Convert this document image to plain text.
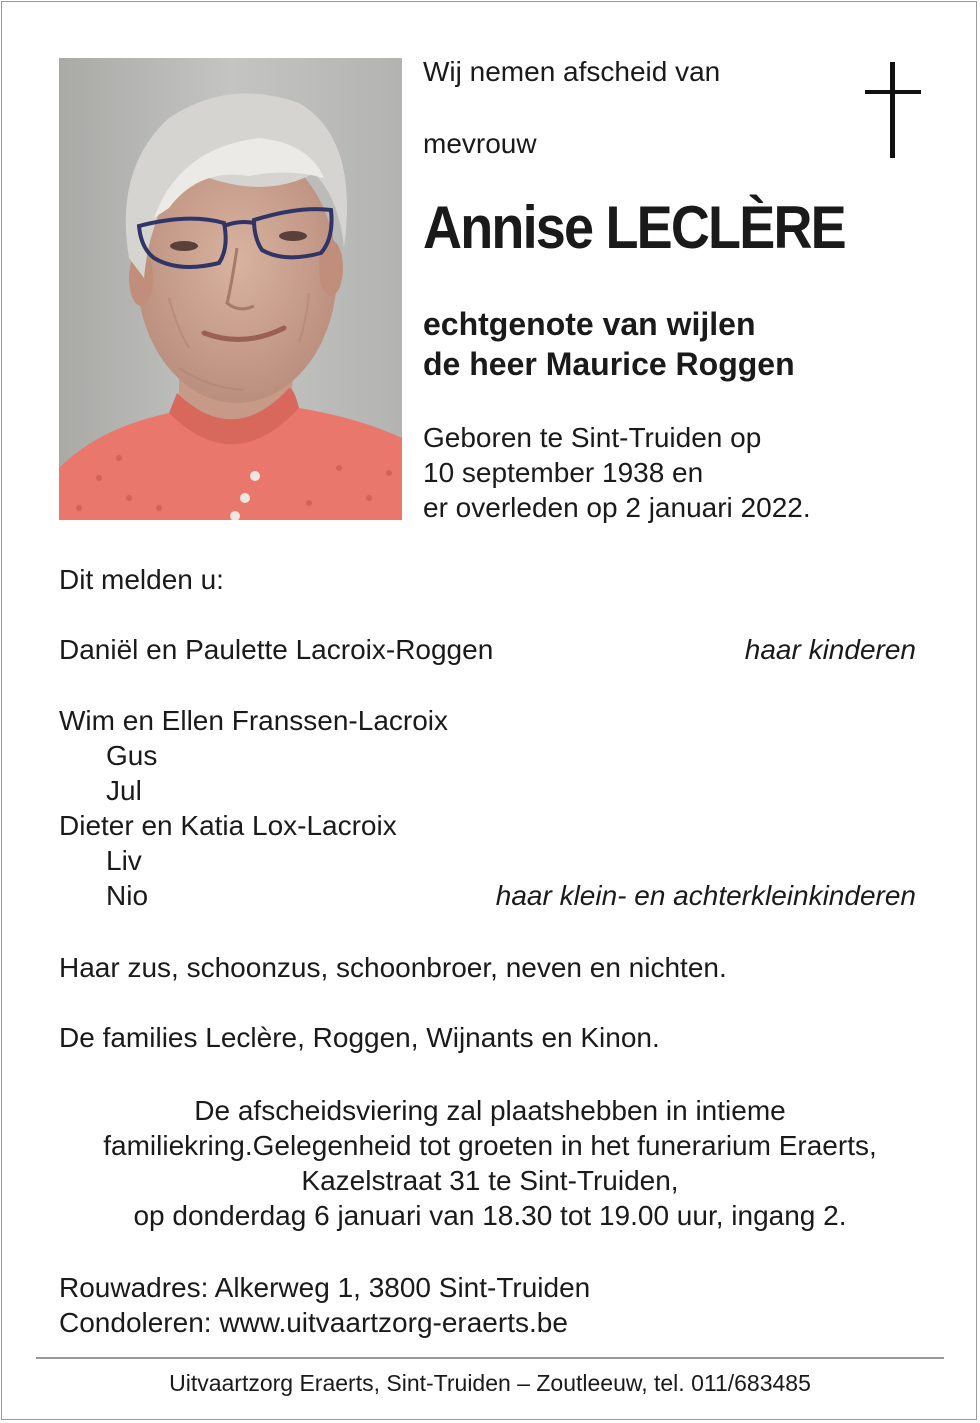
Wij nemen afscheid van
mevrouw
Annise LECLÈRE
echtgenote van wijlen
de heer Maurice Roggen
Geboren te Sint-Truiden op
10 september 1938 en
er overleden op 2 januari 2022.
Dit melden u:
Daniël en Paulette Lacroix-Roggen	haar kinderen
Wim en Ellen Franssen-Lacroix
Gus
Jul
Dieter en Katia Lox-Lacroix
Liv
Nio	haar klein- en achterkleinkinderen
Haar zus, schoonzus, schoonbroer, neven en nichten.
De families Leclère, Roggen, Wijnants en Kinon.
De afscheidsviering zal plaatshebben in intieme
familiekring.Gelegenheid tot groeten in het funerarium Eraerts,
Kazelstraat 31 te Sint-Truiden,
op donderdag 6 januari van 18.30 tot 19.00 uur, ingang 2.
Rouwadres: Alkerweg 1, 3800 Sint-Truiden
Condoleren: www.uitvaartzorg-eraerts.be
Uitvaartzorg Eraerts, Sint-Truiden – Zoutleeuw, tel. 011/683485
